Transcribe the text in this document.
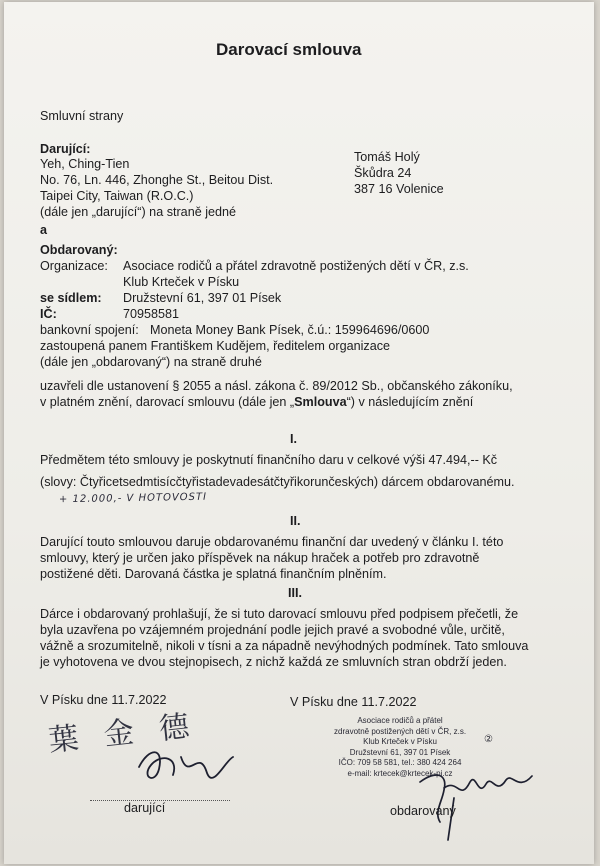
Darovací smlouva
Smluvní strany
Darující:
Yeh, Ching-Tien
No. 76, Ln. 446, Zhonghe St., Beitou Dist.
Taipei City, Taiwan (R.O.C.)
(dále jen „darující“) na straně jedné
Tomáš Holý
Škůdra 24
387 16 Volenice
a
Obdarovaný:
Organizace: Asociace rodičů a přátel zdravotně postižených dětí v ČR, z.s.
Klub Krteček v Písku
se sídlem: Družstevní 61, 397 01 Písek
IČ:	70958581
bankovní spojení: Moneta Money Bank Písek, č.ú.: 159964696/0600
zastoupená panem Františkem Kudějem, ředitelem organizace
(dále jen „obdarovaný“) na straně druhé
uzavřeli dle ustanovení § 2055 a násl. zákona č. 89/2012 Sb., občanského zákoníku,
v platném znění, darovací smlouvu (dále jen „Smlouva“) v následujícím znění
I.
Předmětem této smlouvy je poskytnutí finančního daru v celkové výši 47.494,-- Kč
(slovy: Čtyřicetsedmtisícčtyřistadevadesátčtyřikorunčeských) dárcem obdarovanému.
+ 12.000,- V HOTOVOSTI
II.
Darující touto smlouvou daruje obdarovanému finanční dar uvedený v článku I. této
smlouvy, který je určen jako příspěvek na nákup hraček a potřeb pro zdravotně
postižené děti. Darovaná částka je splatná finančním plněním.
III.
Dárce i obdarovaný prohlašují, že si tuto darovací smlouvu před podpisem přečetli, že
byla uzavřena po vzájemném projednání podle jejich pravé a svobodné vůle, určitě,
vážně a srozumitelně, nikoli v tísni a za nápadně nevýhodných podmínek. Tato smlouva
je vyhotovena ve dvou stejnopisech, z nichž každá ze smluvních stran obdrží jeden.
V Písku dne 11.7.2022	V Písku dne 11.7.2022
葉 金 德
darující
Asociace rodičů a přátel
zdravotně postižených dětí v ČR, z.s.
Klub Krteček v Písku
Družstevní 61, 397 01 Písek
IČO: 709 58 581, tel.: 380 424 264
e-mail: krtecek@krtecek-pi.cz
②
obdarovaný
